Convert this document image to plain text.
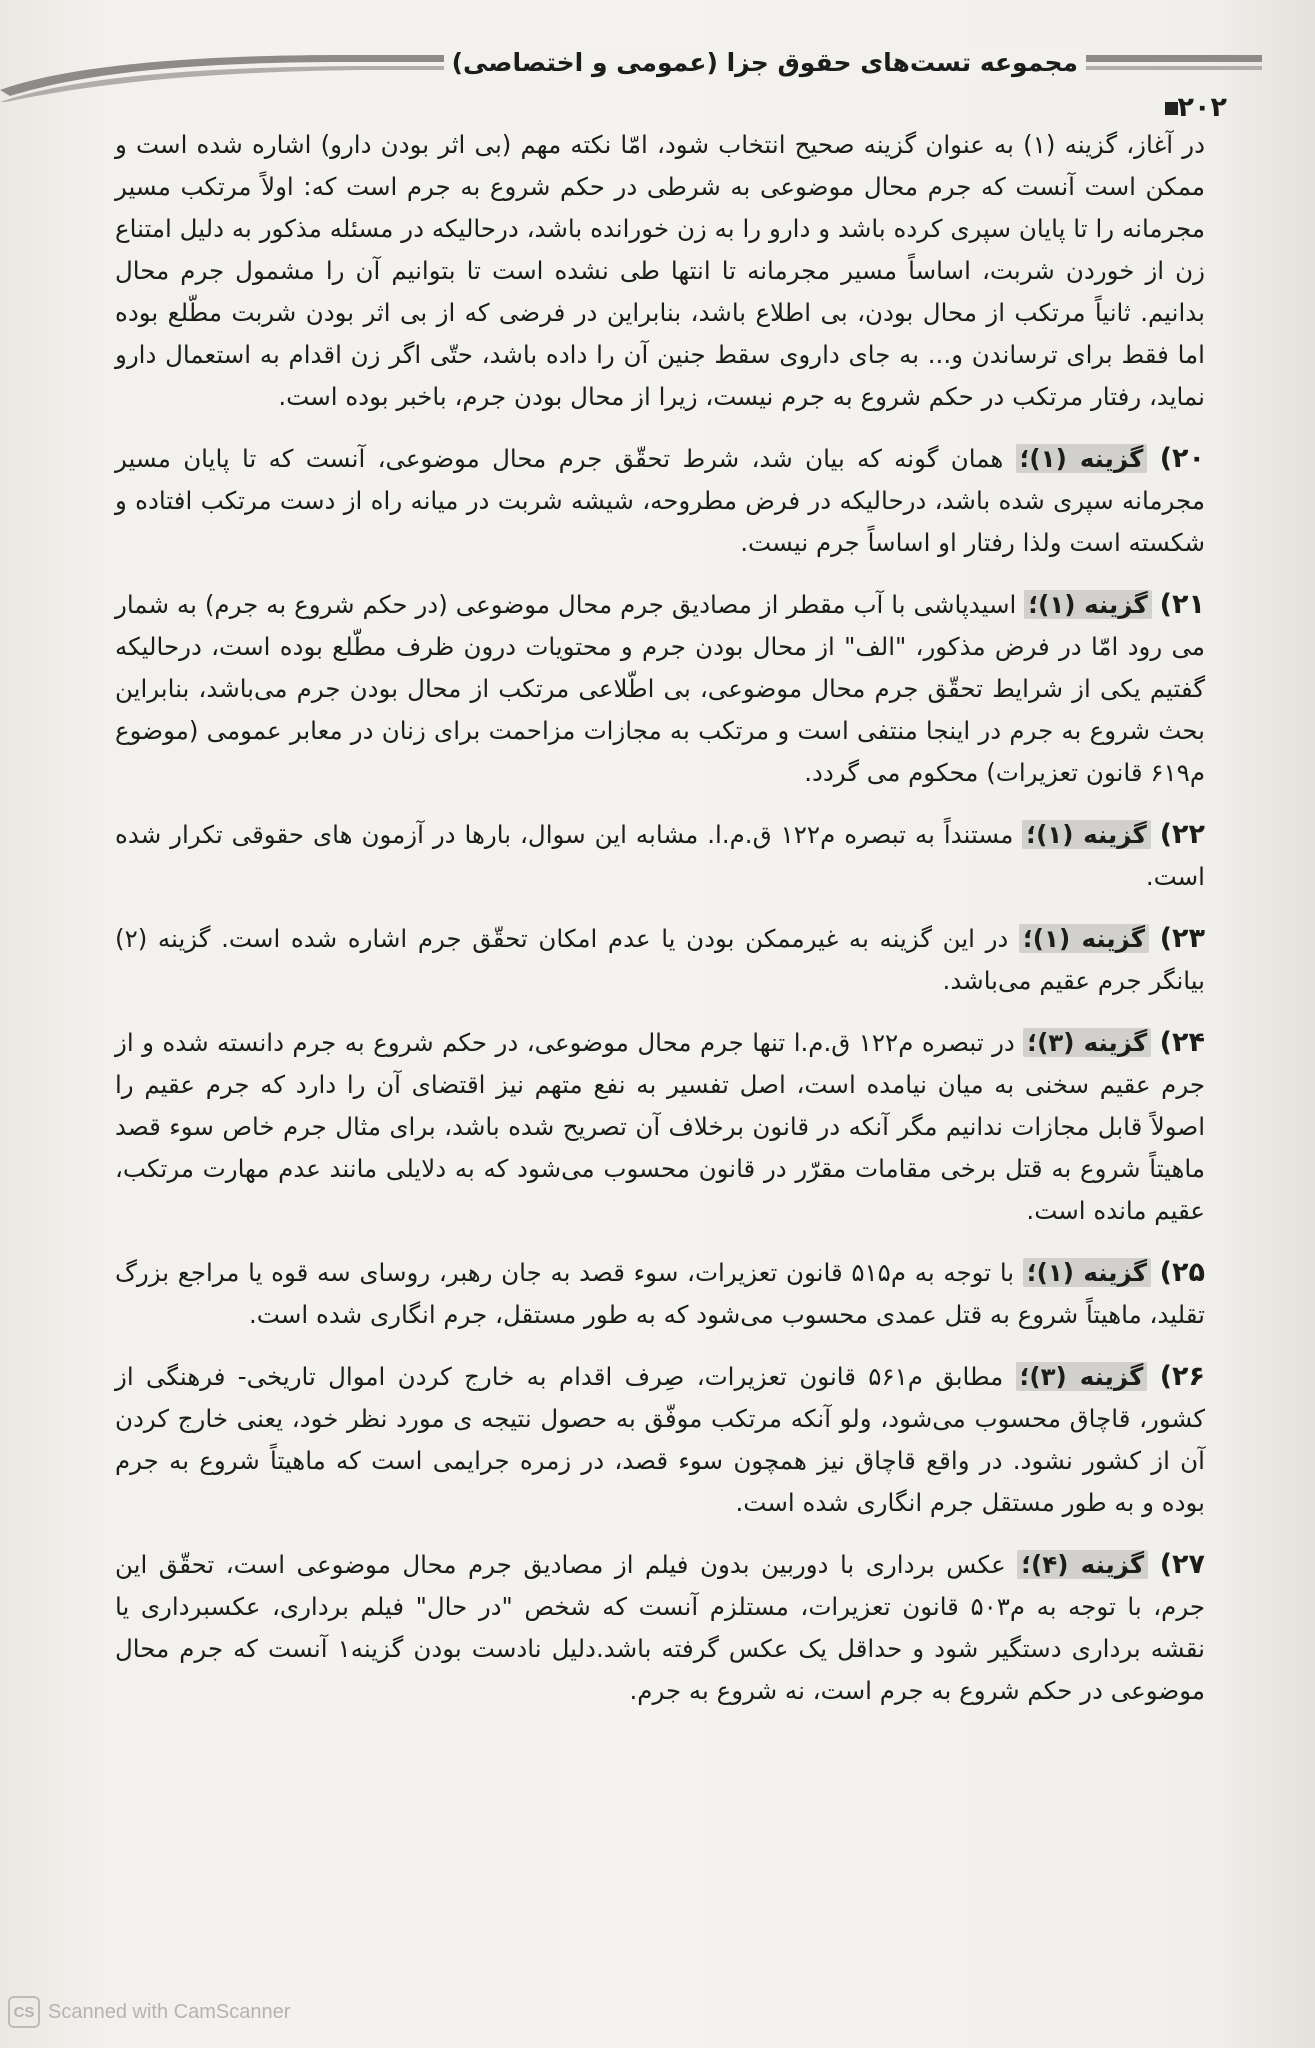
مجموعه تست‌های حقوق جزا (عمومی و اختصاصی)
۲۰۲

در آغاز، گزینه (۱) به عنوان گزینه صحیح انتخاب شود، امّا نکته مهم (بی اثر بودن دارو) اشاره شده است و ممکن است آنست که جرم محال موضوعی به شرطی در حکم شروع به جرم است که: اولاً مرتکب مسیر مجرمانه را تا پایان سپری کرده باشد و دارو را به زن خورانده باشد، درحالیکه در مسئله مذکور به دلیل امتناع زن از خوردن شربت، اساساً مسیر مجرمانه تا انتها طی نشده است تا بتوانیم آن را مشمول جرم محال بدانیم. ثانیاً مرتکب از محال بودن، بی اطلاع باشد، بنابراین در فرضی که از بی اثر بودن شربت مطّلع بوده اما فقط برای ترساندن و... به جای داروی سقط جنین آن را داده باشد، حتّی اگر زن اقدام به استعمال دارو نماید، رفتار مرتکب در حکم شروع به جرم نیست، زیرا از محال بودن جرم، باخبر بوده است.

۲۰) گزینه (۱)؛ همان گونه که بیان شد، شرط تحقّق جرم محال موضوعی، آنست که تا پایان مسیر مجرمانه سپری شده باشد، درحالیکه در فرض مطروحه، شیشه شربت در میانه راه از دست مرتکب افتاده و شکسته است ولذا رفتار او اساساً جرم نیست.

۲۱) گزینه (۱)؛ اسیدپاشی با آب مقطر از مصادیق جرم محال موضوعی (در حکم شروع به جرم) به شمار می رود امّا در فرض مذکور، "الف" از محال بودن جرم و محتویات درون ظرف مطّلع بوده است، درحالیکه گفتیم یکی از شرایط تحقّق جرم محال موضوعی، بی اطّلاعی مرتکب از محال بودن جرم می‌باشد، بنابراین بحث شروع به جرم در اینجا منتفی است و مرتکب به مجازات مزاحمت برای زنان در معابر عمومی (موضوع م۶۱۹ قانون تعزیرات) محکوم می گردد.

۲۲) گزینه (۱)؛ مستنداً به تبصره م۱۲۲ ق.م.ا. مشابه این سوال، بارها در آزمون های حقوقی تکرار شده است.

۲۳) گزینه (۱)؛ در این گزینه به غیرممکن بودن یا عدم امکان تحقّق جرم اشاره شده است. گزینه (۲) بیانگر جرم عقیم می‌باشد.

۲۴) گزینه (۳)؛ در تبصره م۱۲۲ ق.م.ا تنها جرم محال موضوعی، در حکم شروع به جرم دانسته شده و از جرم عقیم سخنی به میان نیامده است، اصل تفسیر به نفع متهم نیز اقتضای آن را دارد که جرم عقیم را اصولاً قابل مجازات ندانیم مگر آنکه در قانون برخلاف آن تصریح شده باشد، برای مثال جرم خاص سوء قصد ماهیتاً شروع به قتل برخی مقامات مقرّر در قانون محسوب می‌شود که به دلایلی مانند عدم مهارت مرتکب، عقیم مانده است.

۲۵) گزینه (۱)؛ با توجه به م۵۱۵ قانون تعزیرات، سوء قصد به جان رهبر، روسای سه قوه یا مراجع بزرگ تقلید، ماهیتاً شروع به قتل عمدی محسوب می‌شود که به طور مستقل، جرم انگاری شده است.

۲۶) گزینه (۳)؛ مطابق م۵۶۱ قانون تعزیرات، صِرف اقدام به خارج کردن اموال تاریخی- فرهنگی از کشور، قاچاق محسوب می‌شود، ولو آنکه مرتکب موفّق به حصول نتیجه ی مورد نظر خود، یعنی خارج کردن آن از کشور نشود. در واقع قاچاق نیز همچون سوء قصد، در زمره جرایمی است که ماهیتاً شروع به جرم بوده و به طور مستقل جرم انگاری شده است.

۲۷) گزینه (۴)؛ عکس برداری با دوربین بدون فیلم از مصادیق جرم محال موضوعی است، تحقّق این جرم، با توجه به م۵۰۳ قانون تعزیرات، مستلزم آنست که شخص "در حال" فیلم برداری، عکسبرداری یا نقشه برداری دستگیر شود و حداقل یک عکس گرفته باشد.دلیل نادست بودن گزینه۱ آنست که جرم محال موضوعی در حکم شروع به جرم است، نه شروع به جرم.

CS Scanned with CamScanner
